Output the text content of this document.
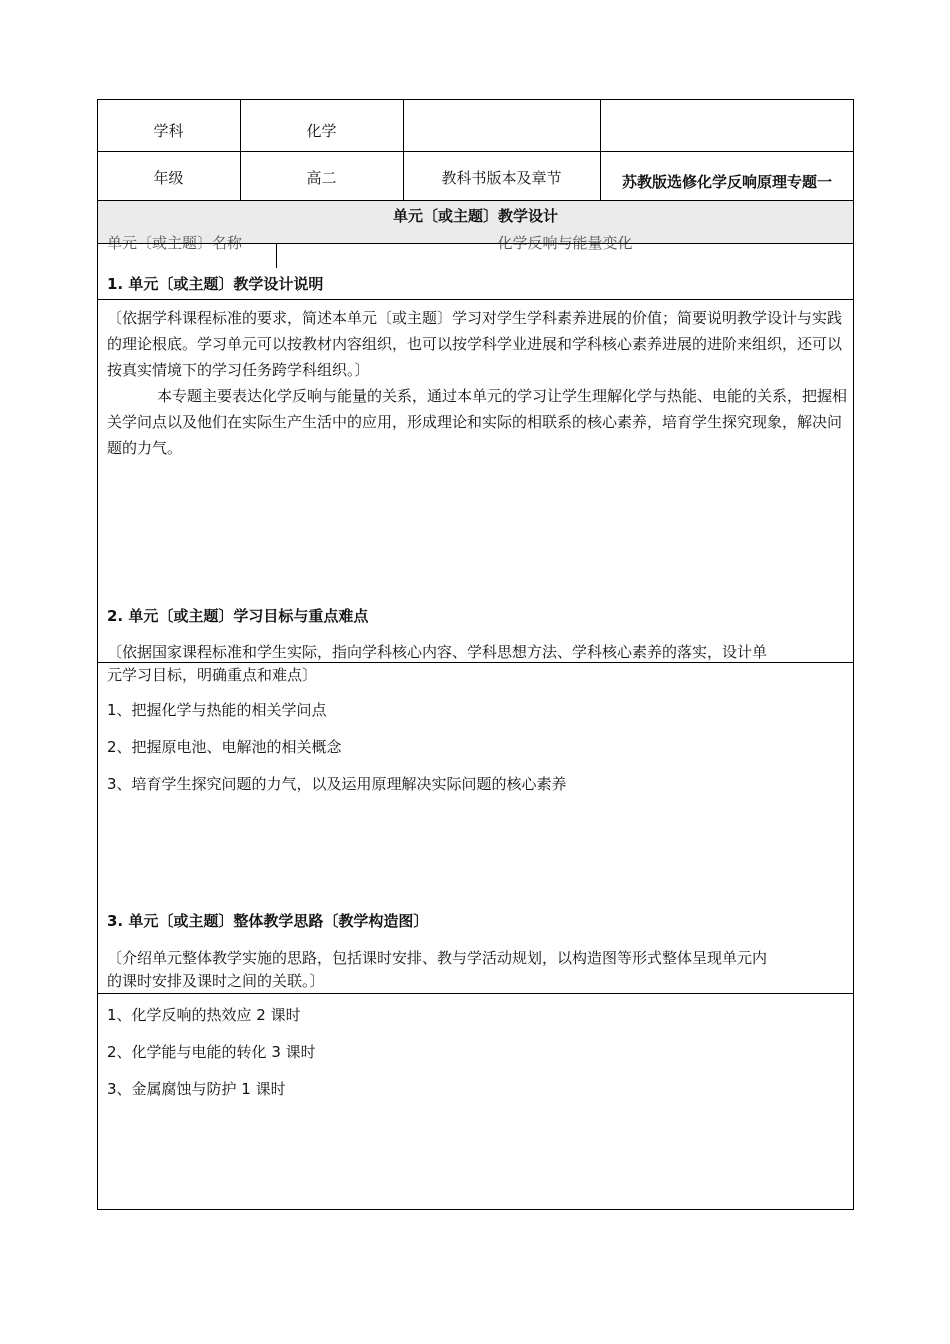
学科	化学
年级	高二	教科书版本及章节	苏教版选修化学反响原理专题一
单元〔或主题〕教学设计
单元〔或主题〕名称	化学反响与能量变化
1. 单元〔或主题〕教学设计说明
〔依据学科课程标准的要求，简述本单元〔或主题〕学习对学生学科素养进展的价值；简要说明教学设计与实践的理论根底。学习单元可以按教材内容组织，也可以按学科学业进展和学科核心素养进展的进阶来组织，还可以按真实情境下的学习任务跨学科组织。〕
本专题主要表达化学反响与能量的关系，通过本单元的学习让学生理解化学与热能、电能的关系，把握相关学问点以及他们在实际生产生活中的应用，形成理论和实际的相联系的核心素养，培育学生探究现象，解决问题的力气。
2. 单元〔或主题〕学习目标与重点难点
〔依据国家课程标准和学生实际，指向学科核心内容、学科思想方法、学科核心素养的落实，设计单
元学习目标，明确重点和难点〕
1、把握化学与热能的相关学问点
2、把握原电池、电解池的相关概念
3、培育学生探究问题的力气，以及运用原理解决实际问题的核心素养
3. 单元〔或主题〕整体教学思路〔教学构造图〕
〔介绍单元整体教学实施的思路，包括课时安排、教与学活动规划，以构造图等形式整体呈现单元内
的课时安排及课时之间的关联。〕
1、化学反响的热效应 2 课时
2、化学能与电能的转化 3 课时
3、金属腐蚀与防护 1 课时
